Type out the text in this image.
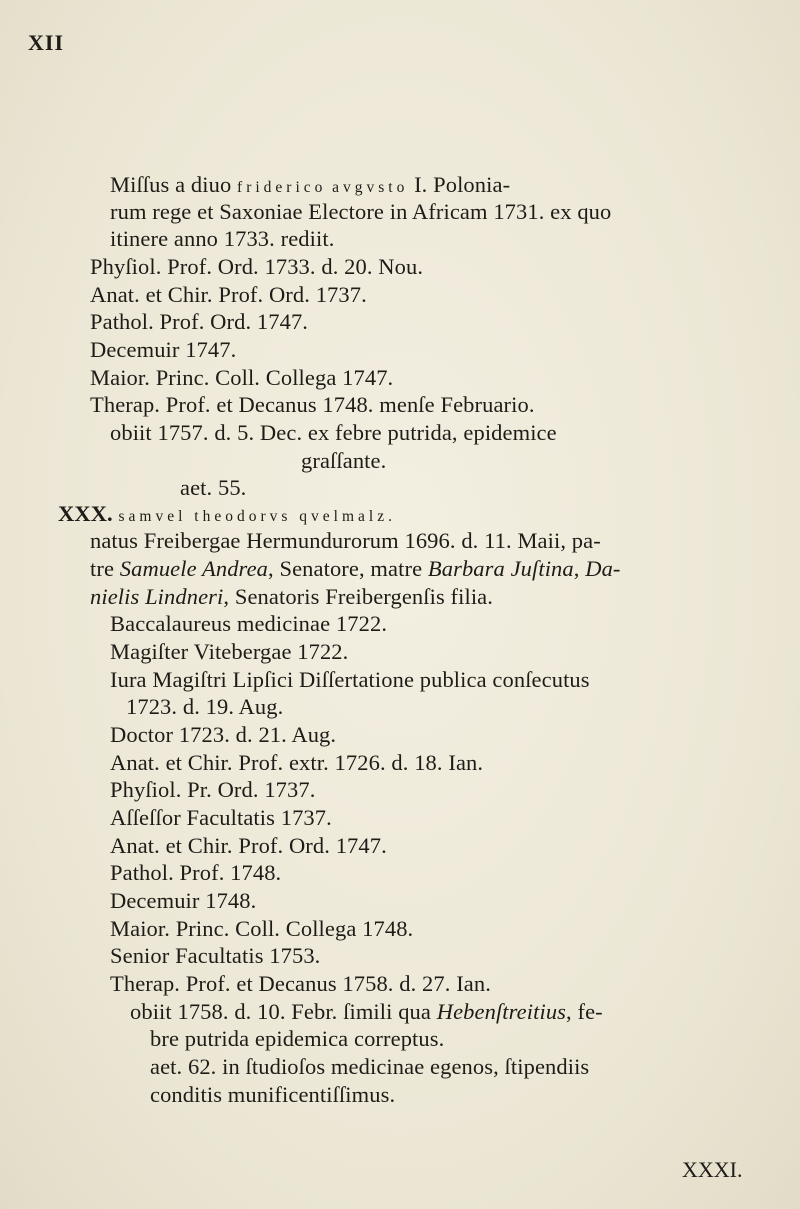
XII
Miſſus a diuo friderico avgvsto I. Polonia-
rum rege et Saxoniae Electore in Africam 1731. ex quo
itinere anno 1733. rediit.
Phyſiol. Prof. Ord. 1733. d. 20. Nou.
Anat. et Chir. Prof. Ord. 1737.
Pathol. Prof. Ord. 1747.
Decemuir 1747.
Maior. Princ. Coll. Collega 1747.
Therap. Prof. et Decanus 1748. menſe Februario.
obiit 1757. d. 5. Dec. ex febre putrida, epidemice
graſſante.
aet. 55.
XXX. samvel theodorvs qvelmalz.
natus Freibergae Hermundurorum 1696. d. 11. Maii, pa-
tre Samuele Andrea, Senatore, matre Barbara Juſtina, Da-
nielis Lindneri, Senatoris Freibergenſis filia.
Baccalaureus medicinae 1722.
Magiſter Vitebergae 1722.
Iura Magiſtri Lipſici Diſſertatione publica conſecutus
1723. d. 19. Aug.
Doctor 1723. d. 21. Aug.
Anat. et Chir. Prof. extr. 1726. d. 18. Ian.
Phyſiol. Pr. Ord. 1737.
Aſſeſſor Facultatis 1737.
Anat. et Chir. Prof. Ord. 1747.
Pathol. Prof. 1748.
Decemuir 1748.
Maior. Princ. Coll. Collega 1748.
Senior Facultatis 1753.
Therap. Prof. et Decanus 1758. d. 27. Ian.
obiit 1758. d. 10. Febr. ſimili qua Hebenſtreitius, fe-
bre putrida epidemica correptus.
aet. 62. in ſtudioſos medicinae egenos, ſtipendiis
conditis munificentiſſimus.
XXXI.
